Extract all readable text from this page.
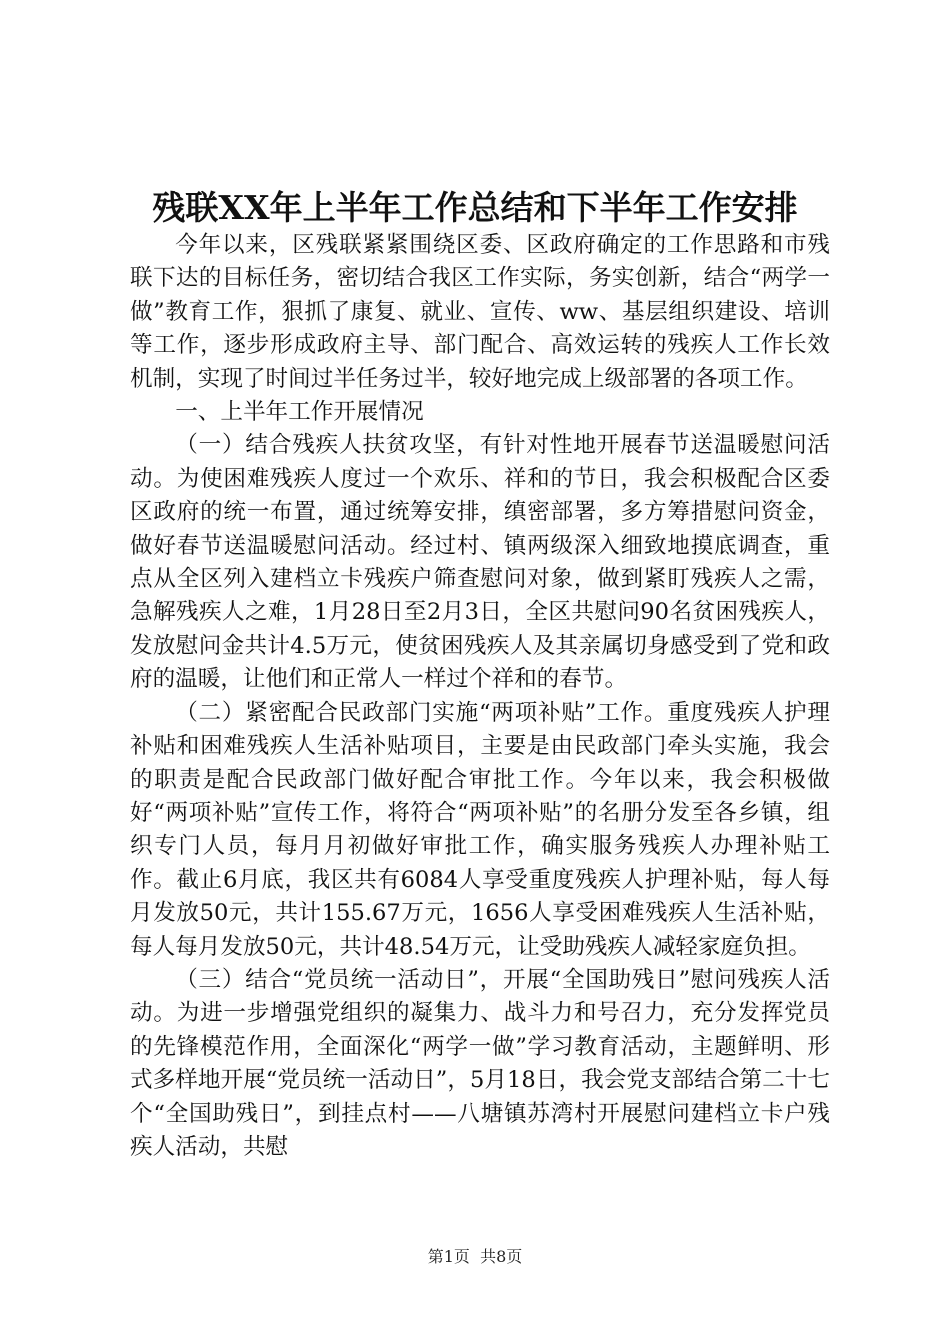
残联XX年上半年工作总结和下半年工作安排

今年以来，区残联紧紧围绕区委、区政府确定的工作思路和市残联下达的目标任务，密切结合我区工作实际，务实创新，结合“两学一做”教育工作，狠抓了康复、就业、宣传、ww、基层组织建设、培训等工作，逐步形成政府主导、部门配合、高效运转的残疾人工作长效机制，实现了时间过半任务过半，较好地完成上级部署的各项工作。

一、上半年工作开展情况

（一）结合残疾人扶贫攻坚，有针对性地开展春节送温暖慰问活动。为使困难残疾人度过一个欢乐、祥和的节日，我会积极配合区委区政府的统一布置，通过统筹安排，缜密部署，多方筹措慰问资金，做好春节送温暖慰问活动。经过村、镇两级深入细致地摸底调查，重点从全区列入建档立卡残疾户筛查慰问对象，做到紧盯残疾人之需，急解残疾人之难，1月28日至2月3日，全区共慰问90名贫困残疾人，发放慰问金共计4.5万元，使贫困残疾人及其亲属切身感受到了党和政府的温暖，让他们和正常人一样过个祥和的春节。

（二）紧密配合民政部门实施“两项补贴”工作。重度残疾人护理补贴和困难残疾人生活补贴项目，主要是由民政部门牵头实施，我会的职责是配合民政部门做好配合审批工作。今年以来，我会积极做好“两项补贴”宣传工作，将符合“两项补贴”的名册分发至各乡镇，组织专门人员，每月月初做好审批工作，确实服务残疾人办理补贴工作。截止6月底，我区共有6084人享受重度残疾人护理补贴，每人每月发放50元，共计155.67万元，1656人享受困难残疾人生活补贴，每人每月发放50元，共计48.54万元，让受助残疾人减轻家庭负担。

（三）结合“党员统一活动日”，开展“全国助残日”慰问残疾人活动。为进一步增强党组织的凝集力、战斗力和号召力，充分发挥党员的先锋模范作用，全面深化“两学一做”学习教育活动，主题鲜明、形式多样地开展“党员统一活动日”，5月18日，我会党支部结合第二十七个“全国助残日”，到挂点村——八塘镇苏湾村开展慰问建档立卡户残疾人活动，共慰

第1页 共8页
